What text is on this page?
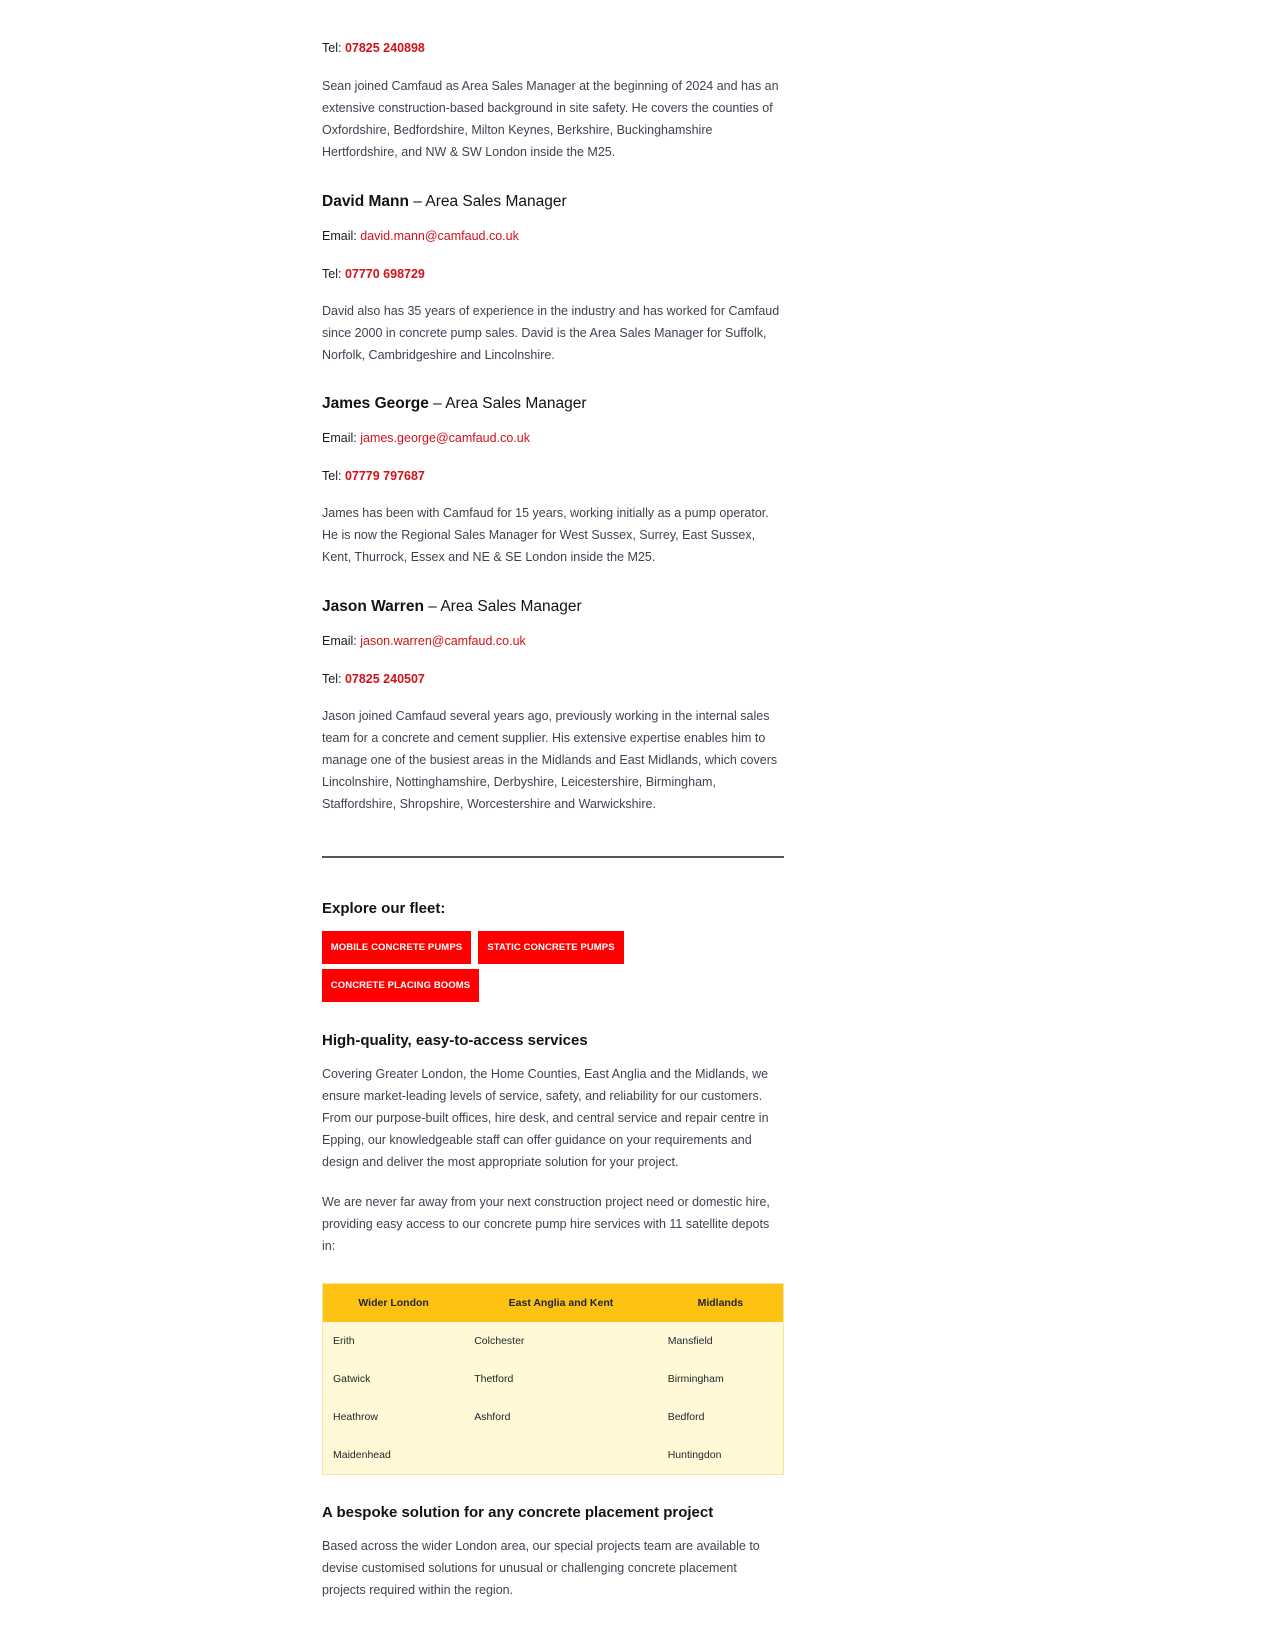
Tel: 07825 240898
Sean joined Camfaud as Area Sales Manager at the beginning of 2024 and has an extensive construction-based background in site safety. He covers the counties of Oxfordshire, Bedfordshire, Milton Keynes, Berkshire, Buckinghamshire Hertfordshire, and NW & SW London inside the M25.
David Mann – Area Sales Manager
Email: david.mann@camfaud.co.uk
Tel: 07770 698729
David also has 35 years of experience in the industry and has worked for Camfaud since 2000 in concrete pump sales. David is the Area Sales Manager for Suffolk, Norfolk, Cambridgeshire and Lincolnshire.
James George – Area Sales Manager
Email: james.george@camfaud.co.uk
Tel: 07779 797687
James has been with Camfaud for 15 years, working initially as a pump operator. He is now the Regional Sales Manager for West Sussex, Surrey, East Sussex, Kent, Thurrock, Essex and NE & SE London inside the M25.
Jason Warren – Area Sales Manager
Email: jason.warren@camfaud.co.uk
Tel: 07825 240507
Jason joined Camfaud several years ago, previously working in the internal sales team for a concrete and cement supplier. His extensive expertise enables him to manage one of the busiest areas in the Midlands and East Midlands, which covers Lincolnshire, Nottinghamshire, Derbyshire, Leicestershire, Birmingham, Staffordshire, Shropshire, Worcestershire and Warwickshire.
Explore our fleet:
MOBILE CONCRETE PUMPS	STATIC CONCRETE PUMPS
CONCRETE PLACING BOOMS
High-quality, easy-to-access services
Covering Greater London, the Home Counties, East Anglia and the Midlands, we ensure market-leading levels of service, safety, and reliability for our customers. From our purpose-built offices, hire desk, and central service and repair centre in Epping, our knowledgeable staff can offer guidance on your requirements and design and deliver the most appropriate solution for your project.
We are never far away from your next construction project need or domestic hire, providing easy access to our concrete pump hire services with 11 satellite depots in:
Wider London	East Anglia and Kent	Midlands
Erith	Colchester	Mansfield
Gatwick	Thetford	Birmingham
Heathrow	Ashford	Bedford
Maidenhead		Huntingdon
A bespoke solution for any concrete placement project
Based across the wider London area, our special projects team are available to devise customised solutions for unusual or challenging concrete placement projects required within the region.
